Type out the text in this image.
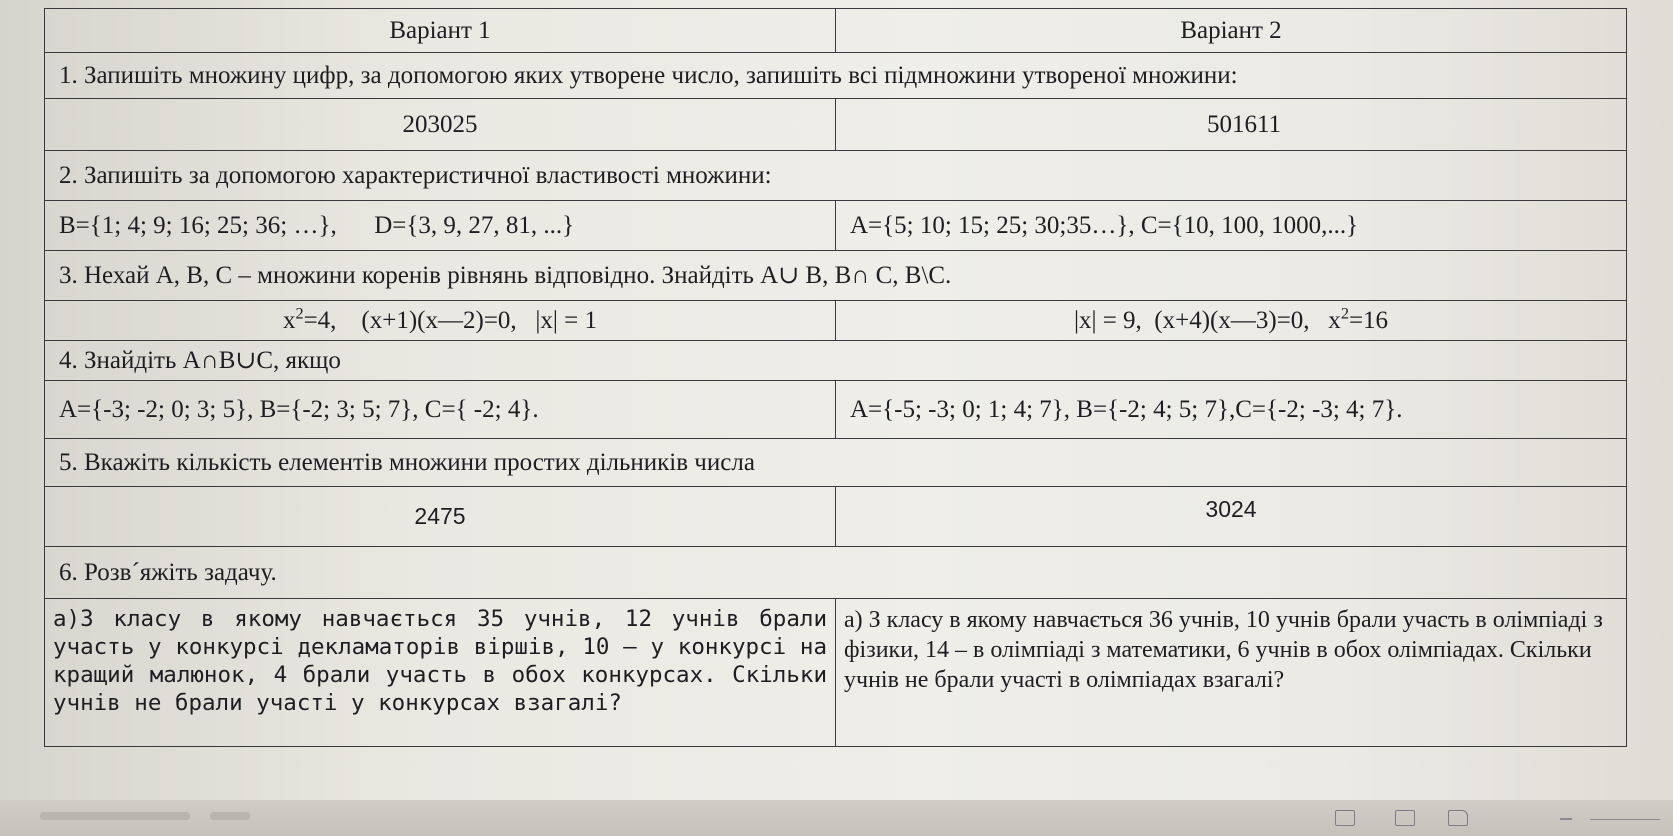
Варіант 1	Варіант 2
1. Запишіть множину цифр, за допомогою яких утворене число, запишіть всі підмножини утвореної множини:	
203025	501611
2. Запишіть за допомогою характеристичної властивості множини:	
B={1; 4; 9; 16; 25; 36; …},      D={3, 9, 27, 81, ...}	A={5; 10; 15; 25; 30;35…}, C={10, 100, 1000,...}
3. Нехай A, B, C – множини коренів рівнянь відповідно. Знайдіть A∪ B, B∩ C, B\C.	
$x^2=4$,    (x+1)(x—2)=0,   |x| = 1	|x| = 9,  (x+4)(x—3)=0,   $x^2=16$
4. Знайдіть A∩B∪C, якщо	
A={-3; -2; 0; 3; 5}, B={-2; 3; 5; 7}, C={ -2; 4}.	A={-5; -3; 0; 1; 4; 7}, B={-2; 4; 5; 7},C={-2; -3; 4; 7}.
5. Вкажіть кількість елементів множини простих дільників числа	
2475	3024
6. Розв´яжіть задачу.	
а)З класу в якому навчається 35 учнів, 12 учнів брали участь у конкурсі декламаторів віршів, 10 – у конкурсі на кращий малюнок, 4 брали участь в обох конкурсах. Скільки учнів не брали участі у конкурсах взагалі?	а) З класу в якому навчається 36 учнів, 10 учнів брали участь в олімпіаді з фізики, 14 – в олімпіаді з математики, 6 учнів в обох олімпіадах. Скільки учнів не брали участі в олімпіадах взагалі?
